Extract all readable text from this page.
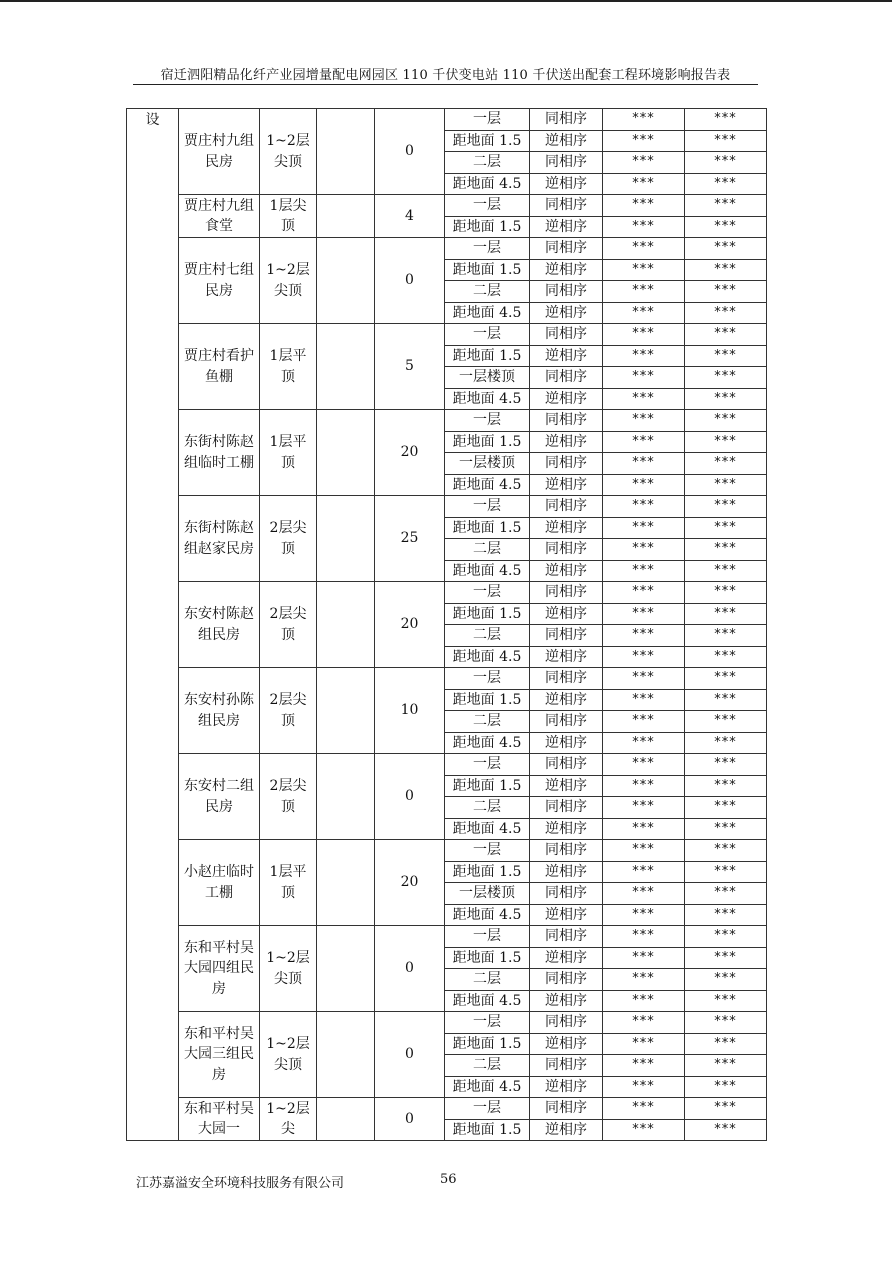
宿迁泗阳精品化纤产业园增量配电网园区 110 千伏变电站 110 千伏送出配套工程环境影响报告表
设	贾庄村九组民房	1~2层尖顶		0	一层	同相序	***	***
					距地面 1.5	逆相序	***	***
					二层	同相序	***	***
					距地面 4.5	逆相序	***	***
	贾庄村九组食堂	1层尖顶		4	一层	同相序	***	***
					距地面 1.5	逆相序	***	***
	贾庄村七组民房	1~2层尖顶		0	一层	同相序	***	***
					距地面 1.5	逆相序	***	***
					二层	同相序	***	***
					距地面 4.5	逆相序	***	***
	贾庄村看护鱼棚	1层平顶		5	一层	同相序	***	***
					距地面 1.5	逆相序	***	***
					一层楼顶	同相序	***	***
					距地面 4.5	逆相序	***	***
	东街村陈赵组临时工棚	1层平顶		20	一层	同相序	***	***
					距地面 1.5	逆相序	***	***
					一层楼顶	同相序	***	***
					距地面 4.5	逆相序	***	***
	东街村陈赵组赵家民房	2层尖顶		25	一层	同相序	***	***
					距地面 1.5	逆相序	***	***
					二层	同相序	***	***
					距地面 4.5	逆相序	***	***
	东安村陈赵组民房	2层尖顶		20	一层	同相序	***	***
					距地面 1.5	逆相序	***	***
					二层	同相序	***	***
					距地面 4.5	逆相序	***	***
	东安村孙陈组民房	2层尖顶		10	一层	同相序	***	***
					距地面 1.5	逆相序	***	***
					二层	同相序	***	***
					距地面 4.5	逆相序	***	***
	东安村二组民房	2层尖顶		0	一层	同相序	***	***
					距地面 1.5	逆相序	***	***
					二层	同相序	***	***
					距地面 4.5	逆相序	***	***
	小赵庄临时工棚	1层平顶		20	一层	同相序	***	***
					距地面 1.5	逆相序	***	***
					一层楼顶	同相序	***	***
					距地面 4.5	逆相序	***	***
	东和平村吴大园四组民房	1~2层尖顶		0	一层	同相序	***	***
					距地面 1.5	逆相序	***	***
					二层	同相序	***	***
					距地面 4.5	逆相序	***	***
	东和平村吴大园三组民房	1~2层尖顶		0	一层	同相序	***	***
					距地面 1.5	逆相序	***	***
					二层	同相序	***	***
					距地面 4.5	逆相序	***	***
	东和平村吴大园一	1~2层尖		0	一层	同相序	***	***
					距地面 1.5	逆相序	***	***
江苏嘉溢安全环境科技服务有限公司	56
